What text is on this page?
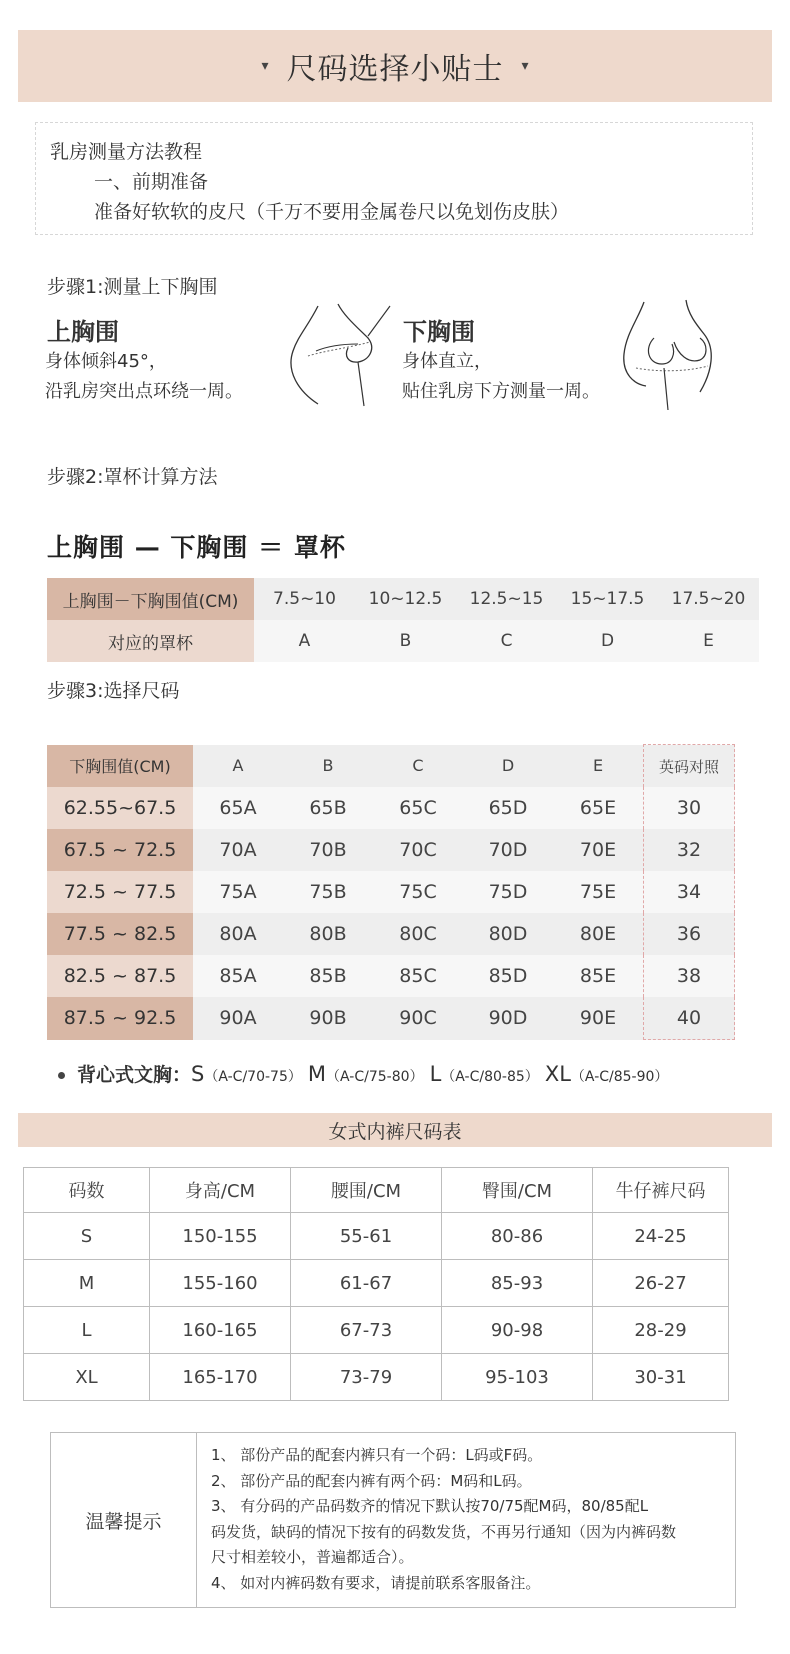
▾ 尺码选择小贴士 ▾
乳房测量方法教程
一、前期准备
准备好软软的皮尺（千万不要用金属卷尺以免划伤皮肤）
步骤1:测量上下胸围
上胸围
身体倾斜45°，
沿乳房突出点环绕一周。
下胸围
身体直立，
贴住乳房下方测量一周。
步骤2:罩杯计算方法
上胸围 — 下胸围 ＝ 罩杯
上胸围－下胸围值(CM)	7.5~10	10~12.5	12.5~15	15~17.5	17.5~20
对应的罩杯	A	B	C	D	E
步骤3:选择尺码
下胸围值(CM)	A	B	C	D	E	英码对照
62.55~67.5	65A	65B	65C	65D	65E	30
67.5 ~ 72.5	70A	70B	70C	70D	70E	32
72.5 ~ 77.5	75A	75B	75C	75D	75E	34
77.5 ~ 82.5	80A	80B	80C	80D	80E	36
82.5 ~ 87.5	85A	85B	85C	85D	85E	38
87.5 ~ 92.5	90A	90B	90C	90D	90E	40
背心式文胸：S（A-C/70-75） M（A-C/75-80） L（A-C/80-85） XL（A-C/85-90）
女式内裤尺码表
码数	身高/CM	腰围/CM	臀围/CM	牛仔裤尺码
S	150-155	55-61	80-86	24-25
M	155-160	61-67	85-93	26-27
L	160-165	67-73	90-98	28-29
XL	165-170	73-79	95-103	30-31
温馨提示
1、 部份产品的配套内裤只有一个码：L码或F码。
2、 部份产品的配套内裤有两个码：M码和L码。
3、 有分码的产品码数齐的情况下默认按70/75配M码，80/85配L
码发货，缺码的情况下按有的码数发货，不再另行通知（因为内裤码数
尺寸相差较小，普遍都适合）。
4、 如对内裤码数有要求，请提前联系客服备注。
